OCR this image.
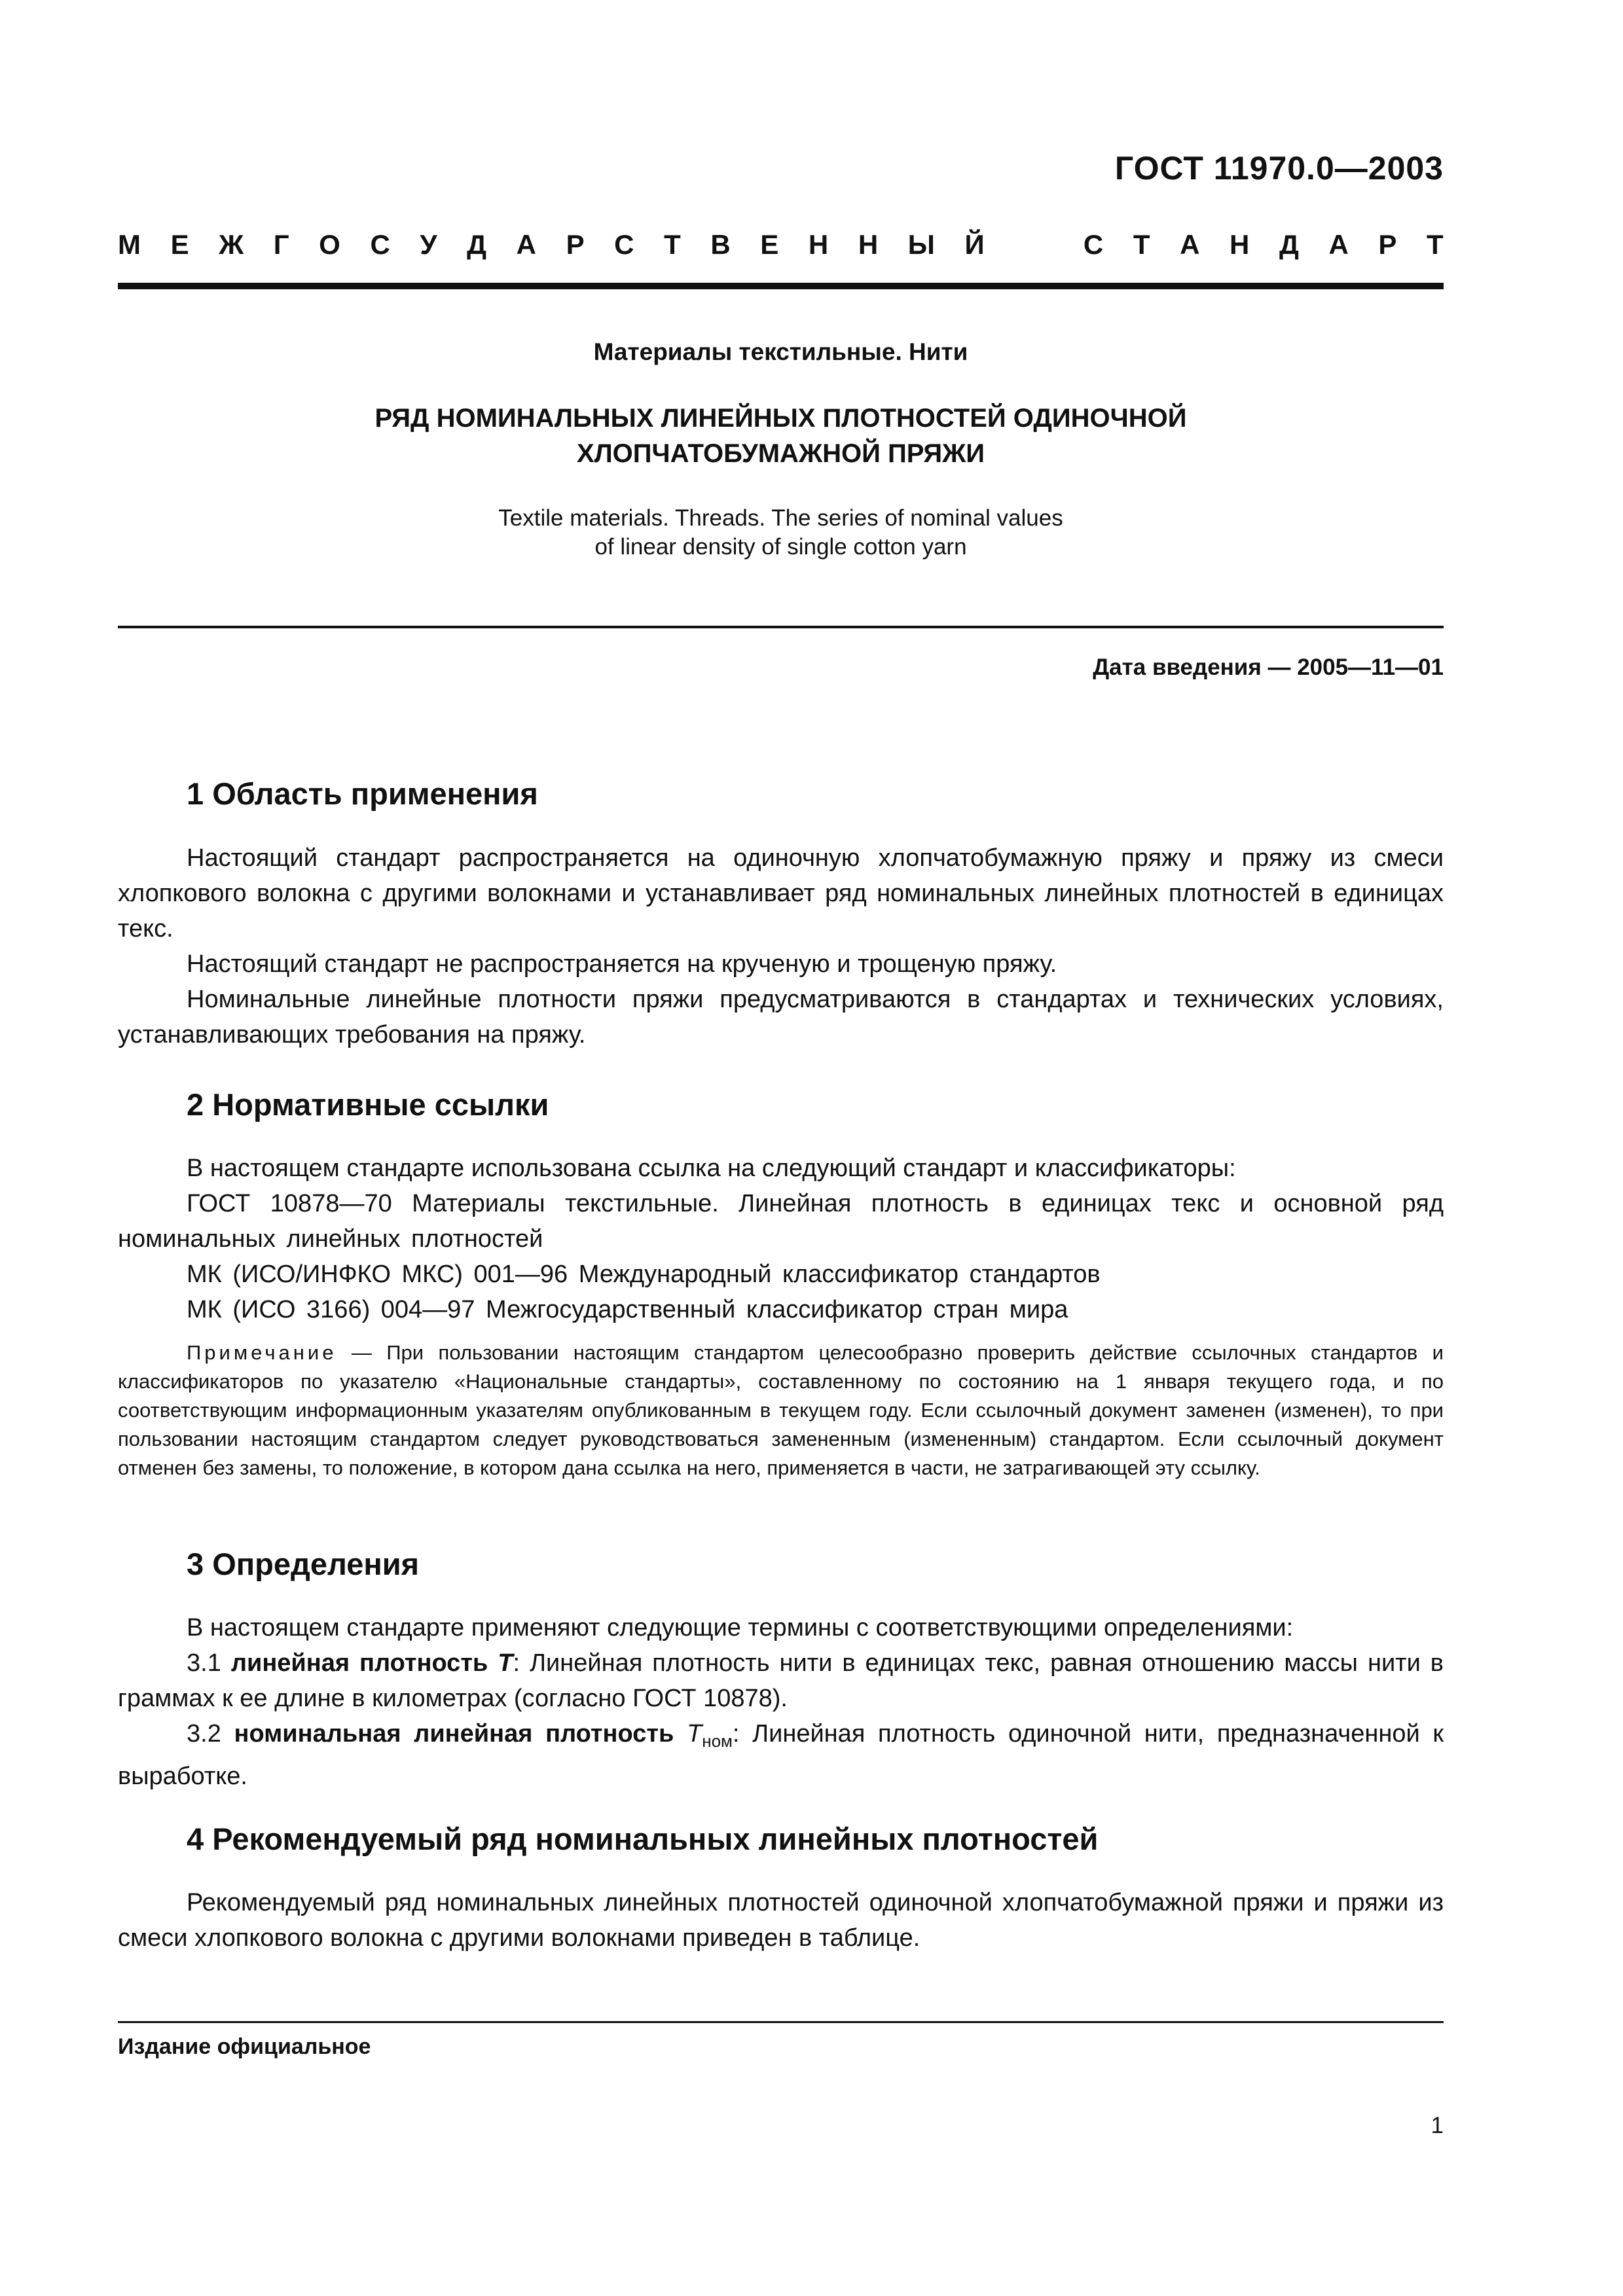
ГОСТ 11970.0—2003
М Е Ж Г О С У Д А Р С Т В Е Н Н Ы Й	С Т А Н Д А Р Т
Материалы текстильные. Нити
РЯД НОМИНАЛЬНЫХ ЛИНЕЙНЫХ ПЛОТНОСТЕЙ ОДИНОЧНОЙ
ХЛОПЧАТОБУМАЖНОЙ ПРЯЖИ
Textile materials. Threads. The series of nominal values
of linear density of single cotton yarn
Дата введения — 2005—11—01
1 Область применения

Настоящий стандарт распространяется на одиночную хлопчатобумажную пряжу и пряжу из смеси хлопкового волокна с другими волокнами и устанавливает ряд номинальных линейных плотностей в единицах текс.

Настоящий стандарт не распространяется на крученую и трощеную пряжу.

Номинальные линейные плотности пряжи предусматриваются в стандартах и технических условиях, устанавливающих требования на пряжу.

2 Нормативные ссылки

В настоящем стандарте использована ссылка на следующий стандарт и классификаторы:

ГОСТ 10878—70 Материалы текстильные. Линейная плотность в единицах текс и основной ряд номинальных линейных плотностей

МК (ИСО/ИНФКО МКС) 001—96 Международный классификатор стандартов

МК (ИСО 3166) 004—97 Межгосударственный классификатор стран мира

Примечание — При пользовании настоящим стандартом целесообразно проверить действие ссылочных стандартов и классификаторов по указателю «Национальные стандарты», составленному по состоянию на 1 января текущего года, и по соответствующим информационным указателям опубликованным в текущем году. Если ссылочный документ заменен (изменен), то при пользовании настоящим стандартом следует руководствоваться замененным (измененным) стандартом. Если ссылочный документ отменен без замены, то положение, в котором дана ссылка на него, применяется в части, не затрагивающей эту ссылку.

3 Определения

В настоящем стандарте применяют следующие термины с соответствующими определениями:

3.1 линейная плотность T: Линейная плотность нити в единицах текс, равная отношению массы нити в граммах к ее длине в километрах (согласно ГОСТ 10878).

3.2 номинальная линейная плотность $T_{ном}$: Линейная плотность одиночной нити, предназначенной к выработке.

4 Рекомендуемый ряд номинальных линейных плотностей

Рекомендуемый ряд номинальных линейных плотностей одиночной хлопчатобумажной пряжи и пряжи из смеси хлопкового волокна с другими волокнами приведен в таблице.

Издание официальное
1
